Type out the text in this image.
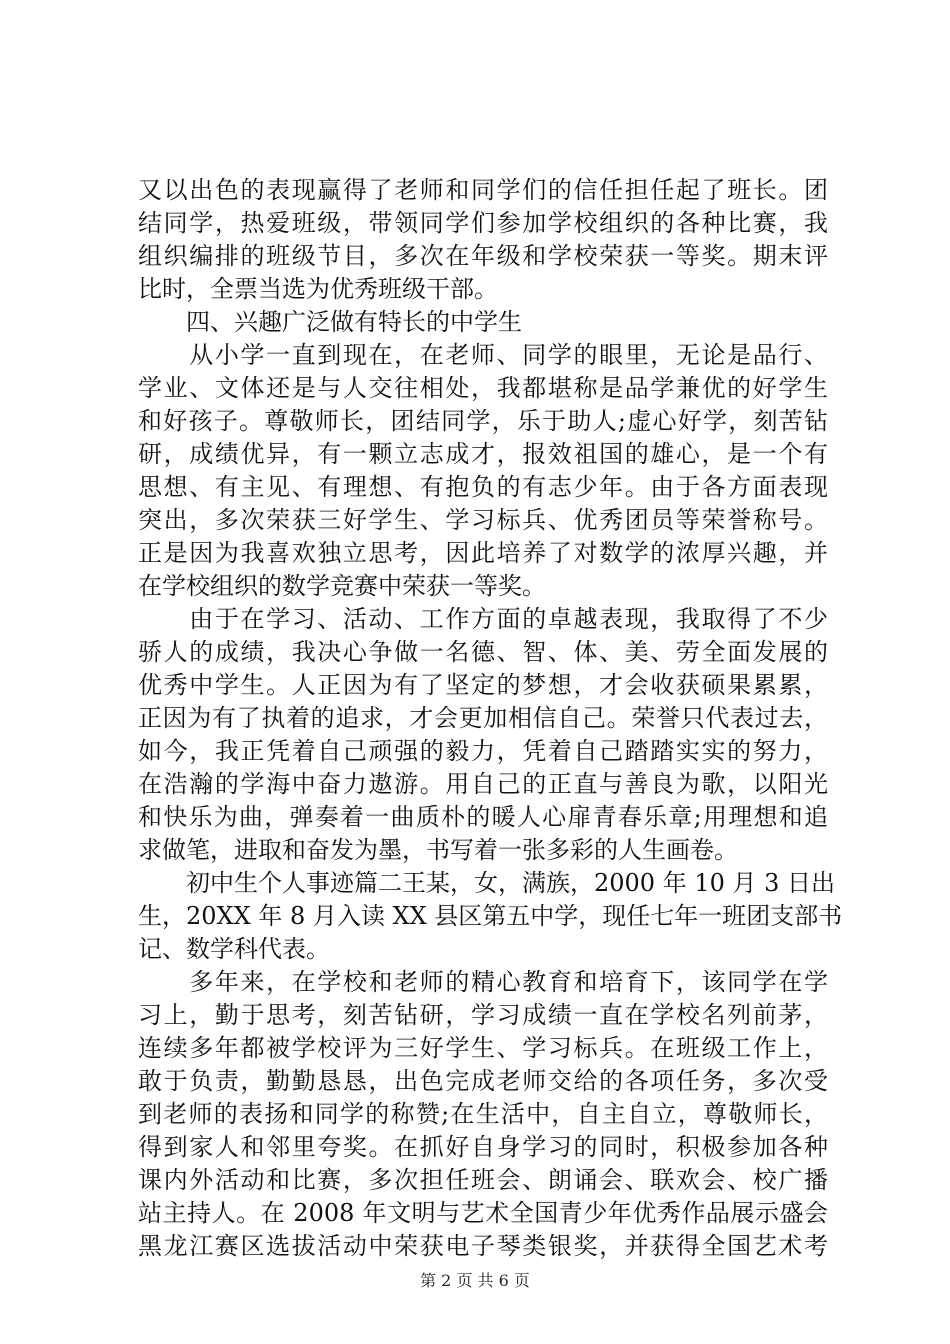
又以出色的表现赢得了老师和同学们的信任担任起了班长。团
结同学，热爱班级，带领同学们参加学校组织的各种比赛，我
组织编排的班级节目，多次在年级和学校荣获一等奖。期末评
比时，全票当选为优秀班级干部。
　　四、兴趣广泛做有特长的中学生
　　从小学一直到现在，在老师、同学的眼里，无论是品行、
学业、文体还是与人交往相处，我都堪称是品学兼优的好学生
和好孩子。尊敬师长，团结同学，乐于助人;虚心好学，刻苦钻
研，成绩优异，有一颗立志成才，报效祖国的雄心，是一个有
思想、有主见、有理想、有抱负的有志少年。由于各方面表现
突出，多次荣获三好学生、学习标兵、优秀团员等荣誉称号。
正是因为我喜欢独立思考，因此培养了对数学的浓厚兴趣，并
在学校组织的数学竞赛中荣获一等奖。
　　由于在学习、活动、工作方面的卓越表现，我取得了不少
骄人的成绩，我决心争做一名德、智、体、美、劳全面发展的
优秀中学生。人正因为有了坚定的梦想，才会收获硕果累累，
正因为有了执着的追求，才会更加相信自己。荣誉只代表过去，
如今，我正凭着自己顽强的毅力，凭着自己踏踏实实的努力，
在浩瀚的学海中奋力遨游。用自己的正直与善良为歌，以阳光
和快乐为曲，弹奏着一曲质朴的暖人心扉青春乐章;用理想和追
求做笔，进取和奋发为墨，书写着一张多彩的人生画卷。
　　初中生个人事迹篇二王某，女，满族，2000 年 10 月 3 日出
生，20XX 年 8 月入读 XX 县区第五中学，现任七年一班团支部书
记、数学科代表。
　　多年来，在学校和老师的精心教育和培育下，该同学在学
习上，勤于思考，刻苦钻研，学习成绩一直在学校名列前茅，
连续多年都被学校评为三好学生、学习标兵。在班级工作上，
敢于负责，勤勤恳恳，出色完成老师交给的各项任务，多次受
到老师的表扬和同学的称赞;在生活中，自主自立，尊敬师长，
得到家人和邻里夸奖。在抓好自身学习的同时，积极参加各种
课内外活动和比赛，多次担任班会、朗诵会、联欢会、校广播
站主持人。在 2008 年文明与艺术全国青少年优秀作品展示盛会
黑龙江赛区选拔活动中荣获电子琴类银奖，并获得全国艺术考
第 2 页 共 6 页
